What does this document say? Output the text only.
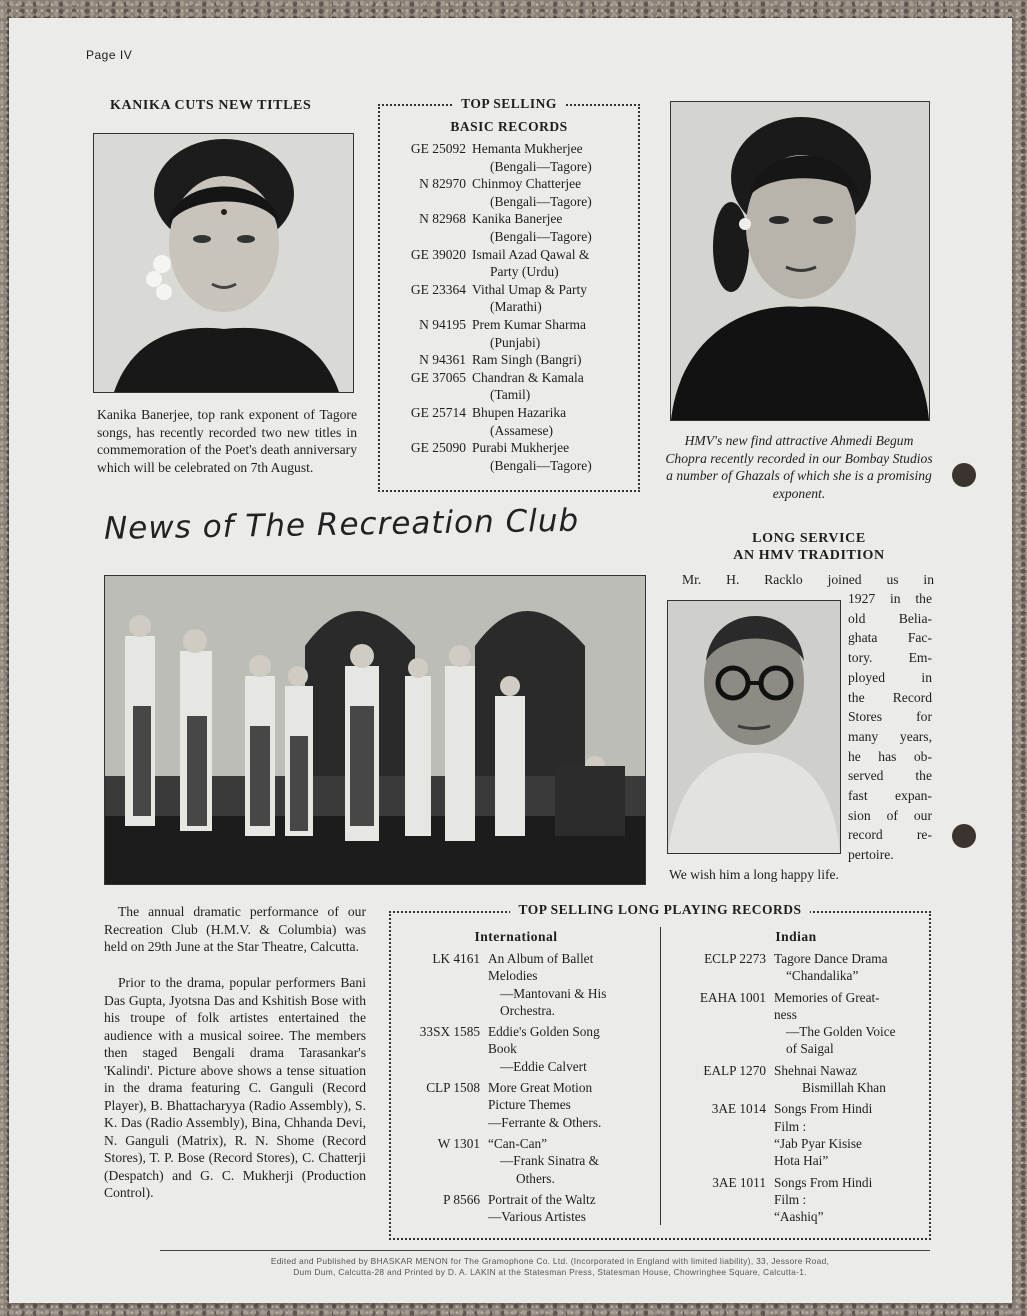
Page IV
KANIKA CUTS NEW TITLES
Kanika Banerjee, top rank exponent of Tagore songs, has recently recorded two new titles in commemoration of the Poet's death anniversary which will be celebrated on 7th August.
TOP SELLING
BASIC RECORDS
GE 25092 Hemanta Mukherjee
(Bengali—Tagore)
N 82970 Chinmoy Chatterjee
(Bengali—Tagore)
N 82968 Kanika Banerjee
(Bengali—Tagore)
GE 39020 Ismail Azad Qawal &
Party (Urdu)
GE 23364 Vithal Umap & Party
(Marathi)
N 94195 Prem Kumar Sharma
(Punjabi)
N 94361 Ram Singh (Bangri)
GE 37065 Chandran & Kamala
(Tamil)
GE 25714 Bhupen Hazarika
(Assamese)
GE 25090 Purabi Mukherjee
(Bengali—Tagore)
HMV's new find attractive Ahmedi Begum Chopra recently recorded in our Bombay Studios a number of Ghazals of which she is a promising exponent.
News of The Recreation Club	LONG SERVICE
AN HMV TRADITION
Mr. H. Racklo joined us in
1927 in the
old Belia-
ghata Fac-
tory. Em-
ployed in
the Record
Stores for
many years,
he has ob-
served the
fast expan-
sion of our
record re-
pertoire.
We wish him a long happy life.
The annual dramatic performance of our Recreation Club (H.M.V. & Columbia) was held on 29th June at the Star Theatre, Calcutta.
Prior to the drama, popular performers Bani Das Gupta, Jyotsna Das and Kshitish Bose with his troupe of folk artistes entertained the audience with a musical soiree. The members then staged Bengali drama Tarasankar's 'Kalindi'. Picture above shows a tense situation in the drama featuring C. Ganguli (Record Player), B. Bhattacharyya (Radio Assembly), S. K. Das (Radio Assembly), Bina, Chhanda Devi, N. Ganguli (Matrix), R. N. Shome (Record Stores), T. P. Bose (Record Stores), C. Chatterji (Despatch) and G. C. Mukherji (Production Control).
TOP SELLING LONG PLAYING RECORDS
International
LK 4161 An Album of Ballet
Melodies
—Mantovani & His
Orchestra.
33SX 1585 Eddie's Golden Song
Book
—Eddie Calvert
CLP 1508 More Great Motion
Picture Themes
—Ferrante & Others.
W 1301 “Can-Can”
—Frank Sinatra &
Others.
P 8566 Portrait of the Waltz
—Various Artistes
Indian
ECLP 2273 Tagore Dance Drama
“Chandalika”
EAHA 1001 Memories of Great-
ness
—The Golden Voice
of Saigal
EALP 1270 Shehnai Nawaz
Bismillah Khan
3AE 1014 Songs From Hindi
Film :
“Jab Pyar Kisise
Hota Hai”
3AE 1011 Songs From Hindi
Film :
“Aashiq”
Edited and Published by BHASKAR MENON for The Gramophone Co. Ltd. (Incorporated in England with limited liability), 33, Jessore Road,
Dum Dum, Calcutta-28 and Printed by D. A. LAKIN at the Statesman Press, Statesman House, Chowringhee Square, Calcutta-1.
